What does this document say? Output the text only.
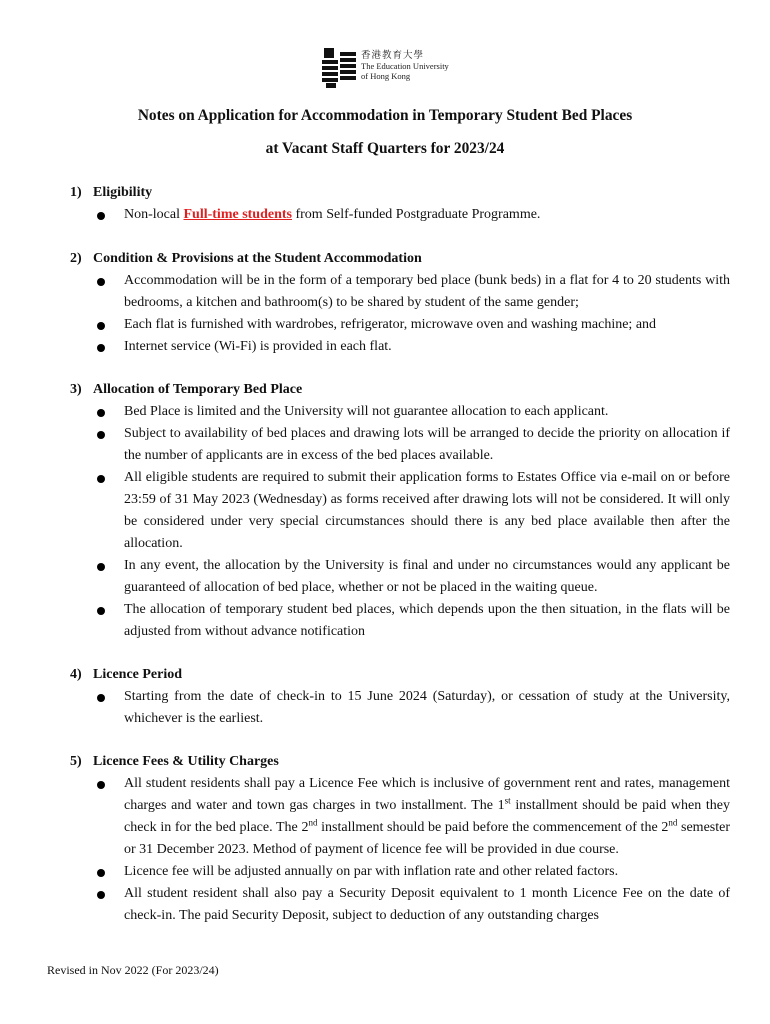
香港教育大學
The Education University
of Hong Kong
Notes on Application for Accommodation in Temporary Student Bed Places
at Vacant Staff Quarters for 2023/24
1) Eligibility
Non-local Full-time students from Self-funded Postgraduate Programme.
2) Condition & Provisions at the Student Accommodation
Accommodation will be in the form of a temporary bed place (bunk beds) in a flat for 4 to 20 students with bedrooms, a kitchen and bathroom(s) to be shared by student of the same gender;
Each flat is furnished with wardrobes, refrigerator, microwave oven and washing machine; and
Internet service (Wi-Fi) is provided in each flat.
3) Allocation of Temporary Bed Place
Bed Place is limited and the University will not guarantee allocation to each applicant.
Subject to availability of bed places and drawing lots will be arranged to decide the priority on allocation if the number of applicants are in excess of the bed places available.
All eligible students are required to submit their application forms to Estates Office via e-mail on or before 23:59 of 31 May 2023 (Wednesday) as forms received after drawing lots will not be considered. It will only be considered under very special circumstances should there is any bed place available then after the allocation.
In any event, the allocation by the University is final and under no circumstances would any applicant be guaranteed of allocation of bed place, whether or not be placed in the waiting queue.
The allocation of temporary student bed places, which depends upon the then situation, in the flats will be adjusted from without advance notification
4) Licence Period
Starting from the date of check-in to 15 June 2024 (Saturday), or cessation of study at the University, whichever is the earliest.
5) Licence Fees & Utility Charges
All student residents shall pay a Licence Fee which is inclusive of government rent and rates, management charges and water and town gas charges in two installment. The 1st installment should be paid when they check in for the bed place. The 2nd installment should be paid before the commencement of the 2nd semester or 31 December 2023. Method of payment of licence fee will be provided in due course.
Licence fee will be adjusted annually on par with inflation rate and other related factors.
All student resident shall also pay a Security Deposit equivalent to 1 month Licence Fee on the date of check-in. The paid Security Deposit, subject to deduction of any outstanding charges
Revised in Nov 2022 (For 2023/24)
